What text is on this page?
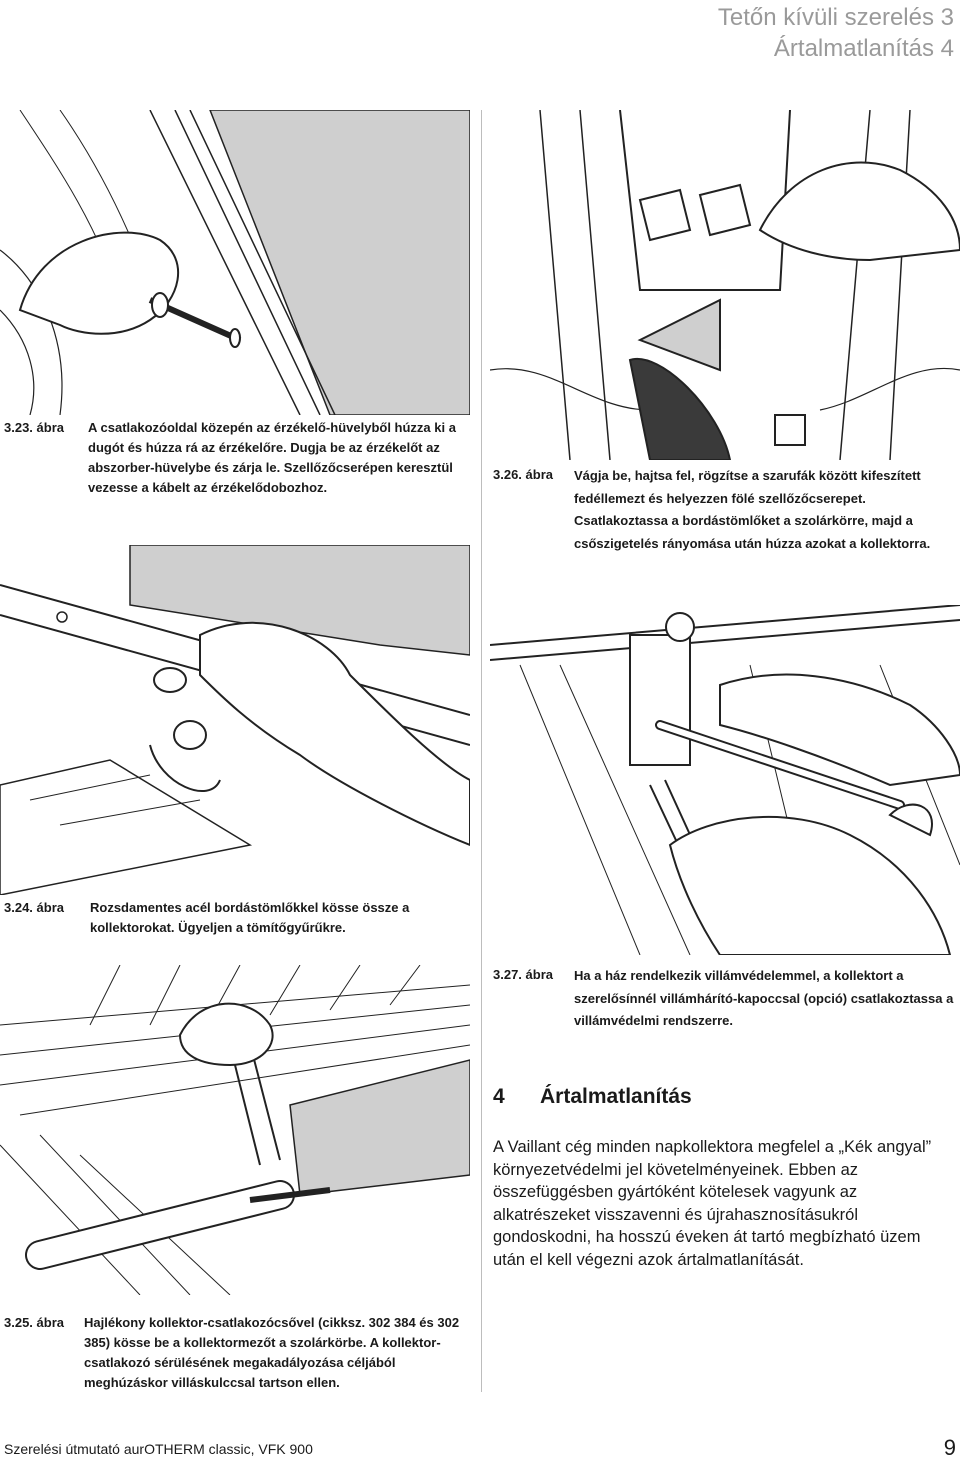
Tetőn kívüli szerelés 3
Ártalmatlanítás 4
3.23. ábra A csatlakozóoldal közepén az érzékelő-hüvelyből húzza ki a dugót és húzza rá az érzékelőre. Dugja be az érzékelőt az abszorber-hüvelybe és zárja le. Szellőzőcserépen keresztül vezesse a kábelt az érzékelődobozhoz.
3.24. ábra Rozsdamentes acél bordástömlőkkel kösse össze a kollektorokat. Ügyeljen a tömítőgyűrűkre.
3.25. ábra Hajlékony kollektor-csatlakozócsővel (cikksz. 302 384 és 302 385) kösse be a kollektormezőt a szolárkörbe. A kollektor-csatlakozó sérülésének megakadályozása céljából meghúzáskor villáskulccsal tartson ellen.
3.26. ábra Vágja be, hajtsa fel, rögzítse a szarufák között kifeszített fedéllemezt és helyezzen fölé szellőzőcserepet. Csatlakoztassa a bordástömlőket a szolárkörre, majd a csőszigetelés rányomása után húzza azokat a kollektorra.
3.27. ábra Ha a ház rendelkezik villámvédelemmel, a kollektort a szerelősínnél villámhárító-kapoccsal (opció) csatlakoztassa a villámvédelmi rendszerre.
4 Ártalmatlanítás
A Vaillant cég minden napkollektora megfelel a „Kék angyal” környezetvédelmi jel követelményeinek. Ebben az összefüggésben gyártóként kötelesek vagyunk az alkatrészeket visszavenni és újrahasznosításukról gondoskodni, ha hosszú éveken át tartó megbízható üzem után el kell végezni azok ártalmatlanítását.
Szerelési útmutató aurOTHERM classic, VFK 900	9
